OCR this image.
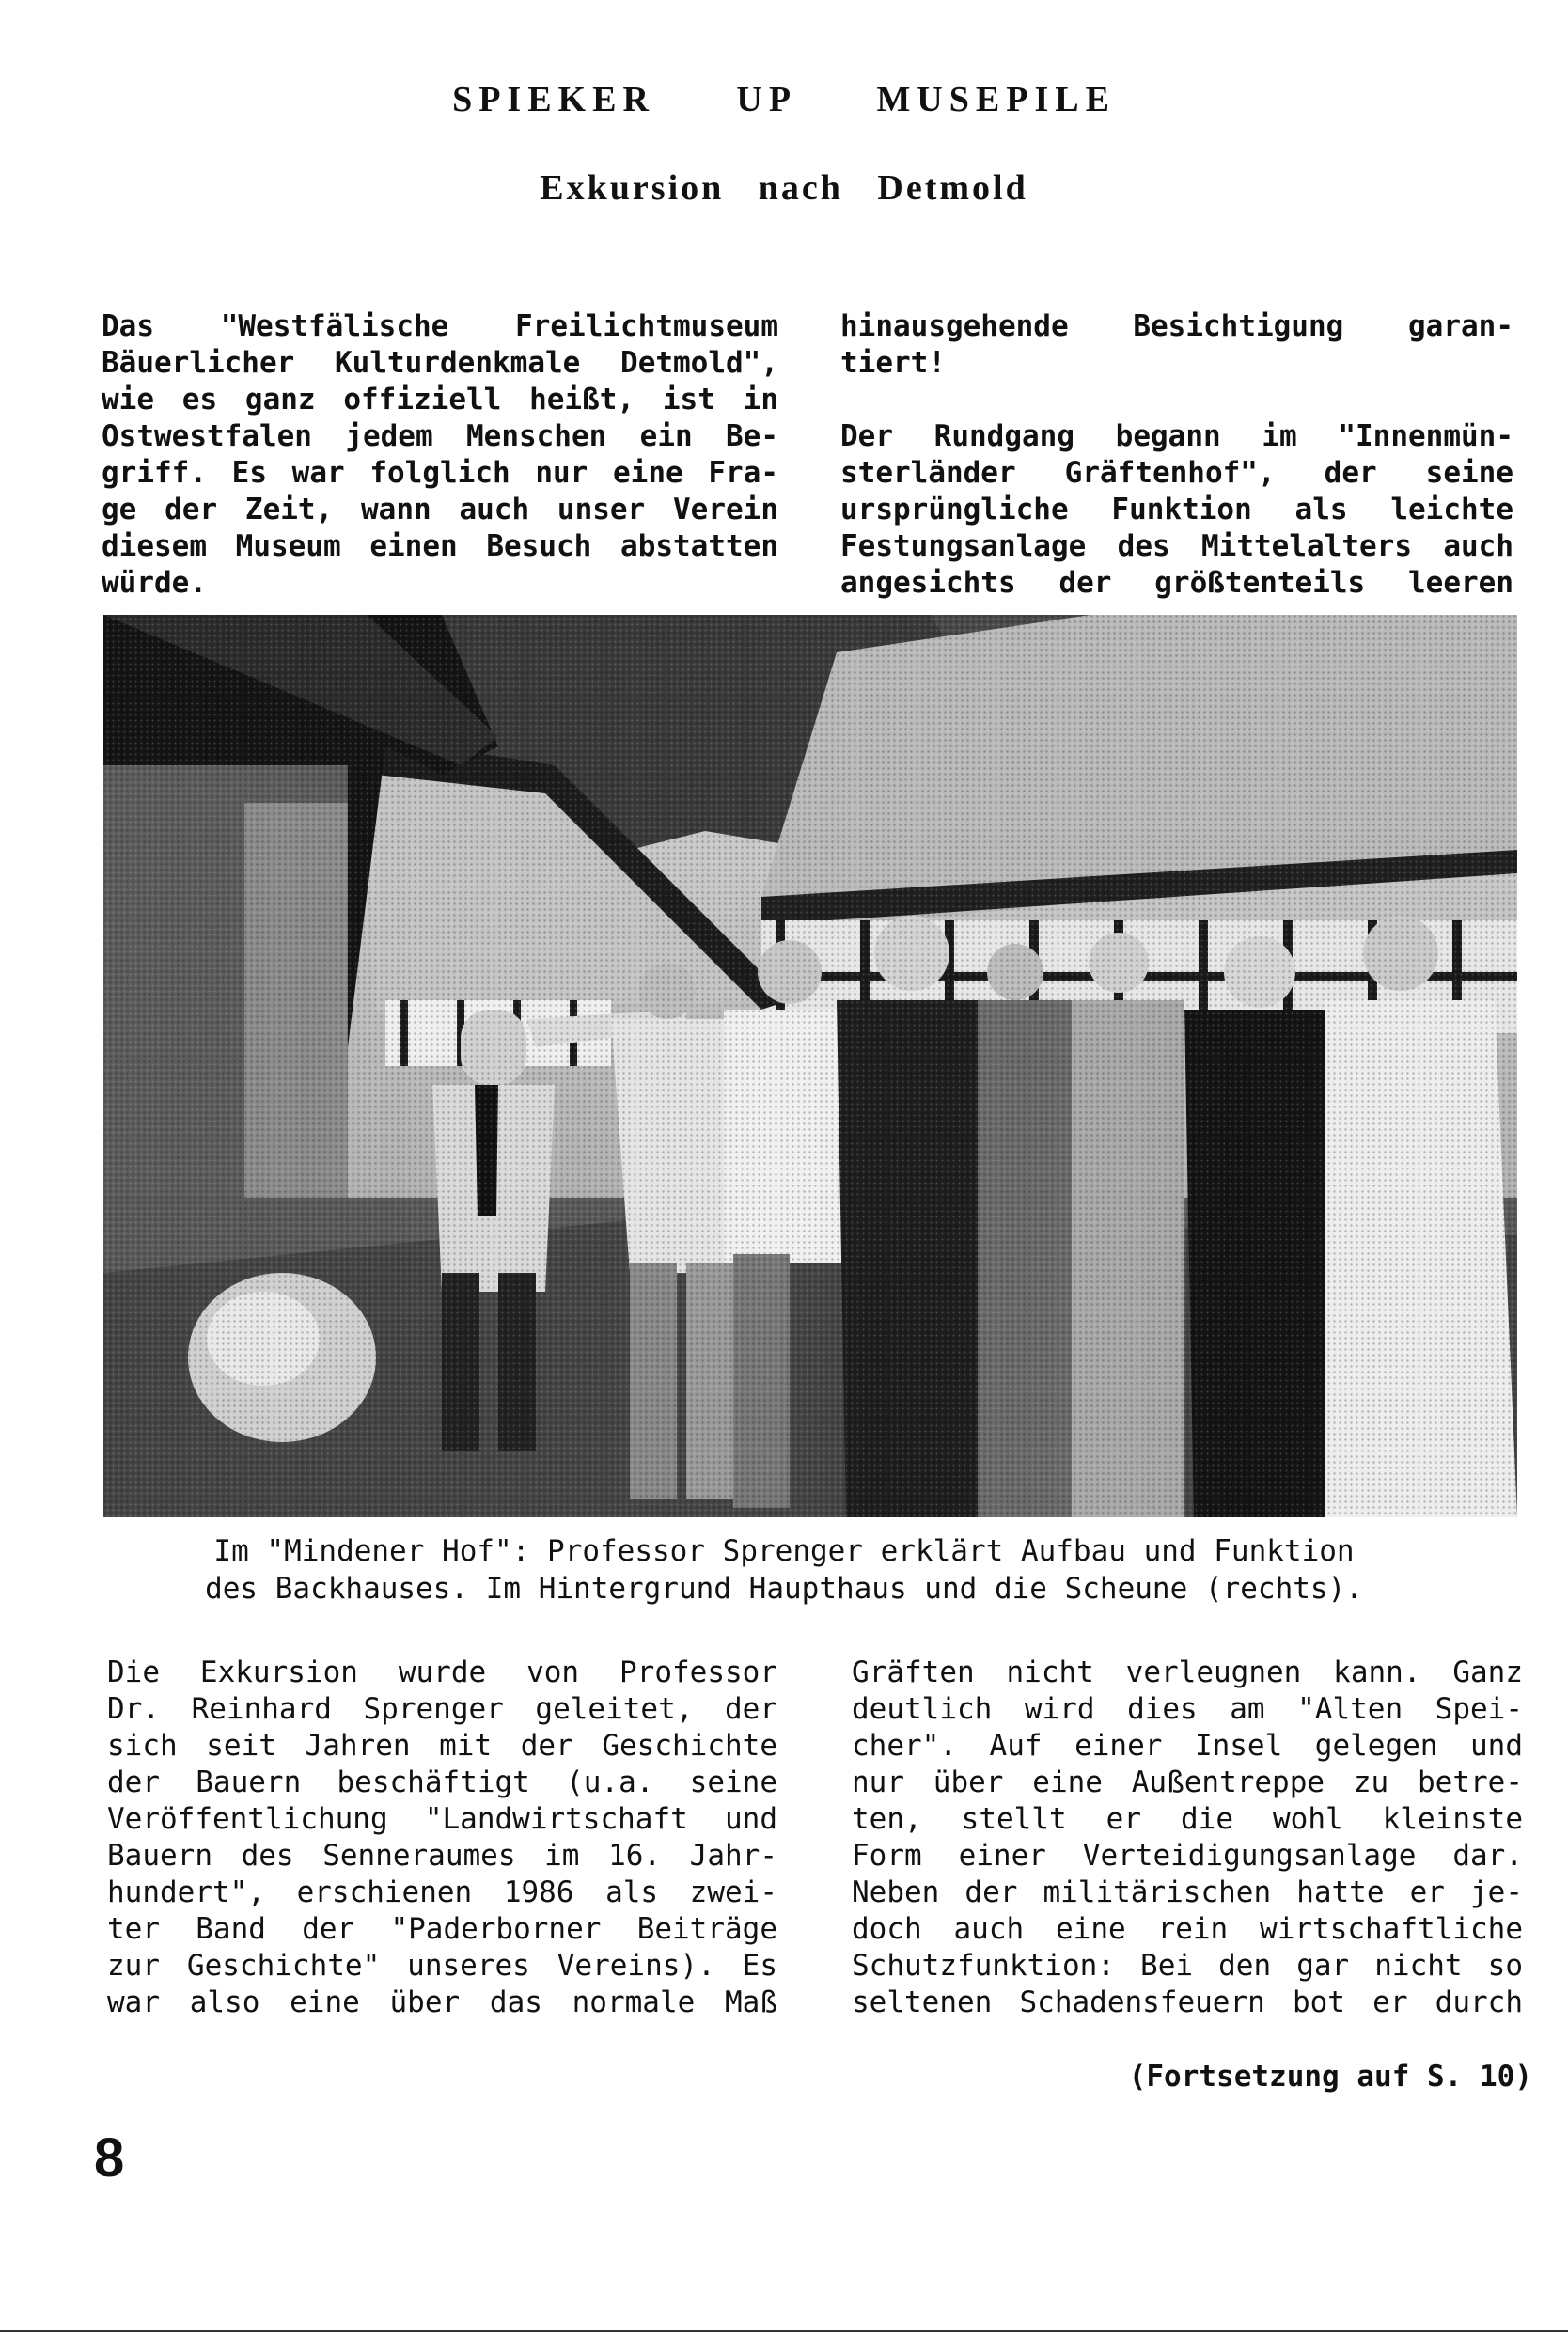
SPIEKER UP MUSEPILE
Exkursion nach Detmold
Das "Westfälische Freilichtmuseum
Bäuerlicher Kulturdenkmale Detmold",
wie es ganz offiziell heißt, ist in
Ostwestfalen jedem Menschen ein Be-
griff. Es war folglich nur eine Fra-
ge der Zeit, wann auch unser Verein
diesem Museum einen Besuch abstatten
würde.
hinausgehende Besichtigung garan-
tiert!
Der Rundgang begann im "Innenmün-
sterländer Gräftenhof", der seine
ursprüngliche Funktion als leichte
Festungsanlage des Mittelalters auch
angesichts der größtenteils leeren
Im "Mindener Hof": Professor Sprenger erklärt Aufbau und Funktion
des Backhauses. Im Hintergrund Haupthaus und die Scheune (rechts).
Die Exkursion wurde von Professor
Dr. Reinhard Sprenger geleitet, der
sich seit Jahren mit der Geschichte
der Bauern beschäftigt (u.a. seine
Veröffentlichung "Landwirtschaft und
Bauern des Senneraumes im 16. Jahr-
hundert", erschienen 1986 als zwei-
ter Band der "Paderborner Beiträge
zur Geschichte" unseres Vereins). Es
war also eine über das normale Maß
Gräften nicht verleugnen kann. Ganz
deutlich wird dies am "Alten Spei-
cher". Auf einer Insel gelegen und
nur über eine Außentreppe zu betre-
ten, stellt er die wohl kleinste
Form einer Verteidigungsanlage dar.
Neben der militärischen hatte er je-
doch auch eine rein wirtschaftliche
Schutzfunktion: Bei den gar nicht so
seltenen Schadensfeuern bot er durch
(Fortsetzung auf S. 10)
8
